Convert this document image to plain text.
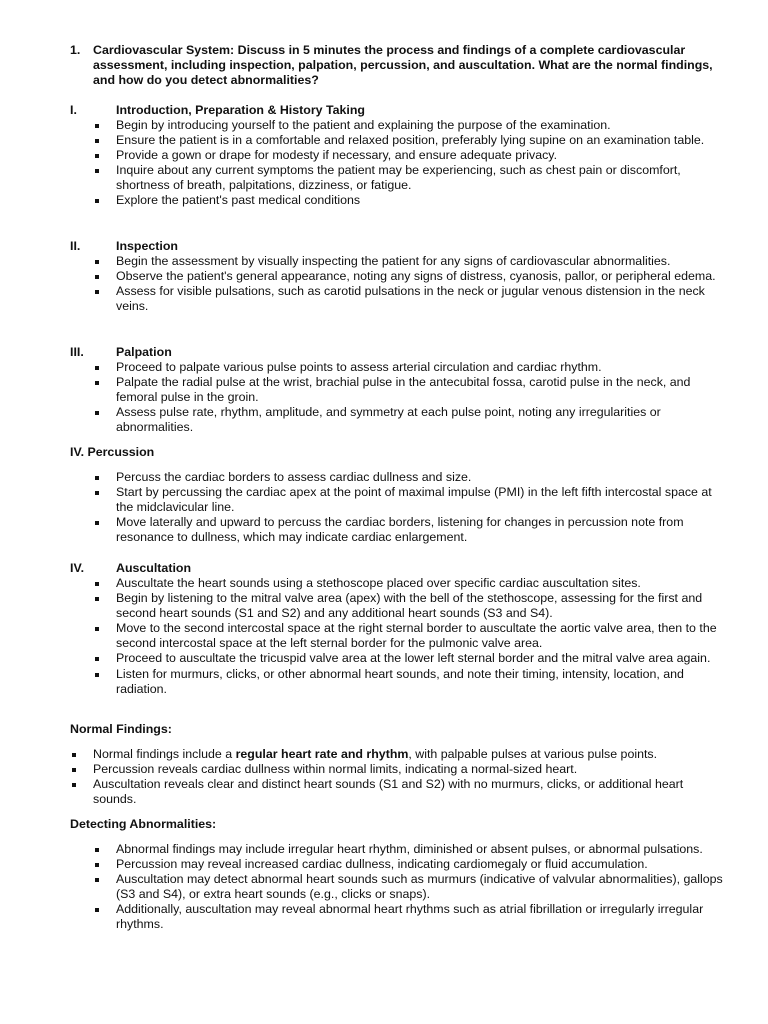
1. Cardiovascular System: Discuss in 5 minutes the process and findings of a complete cardiovascular assessment, including inspection, palpation, percussion, and auscultation. What are the normal findings, and how do you detect abnormalities?
I.	Introduction, Preparation & History Taking
Begin by introducing yourself to the patient and explaining the purpose of the examination.
Ensure the patient is in a comfortable and relaxed position, preferably lying supine on an examination table.
Provide a gown or drape for modesty if necessary, and ensure adequate privacy.
Inquire about any current symptoms the patient may be experiencing, such as chest pain or discomfort, shortness of breath, palpitations, dizziness, or fatigue.
Explore the patient's past medical conditions
II.	Inspection
Begin the assessment by visually inspecting the patient for any signs of cardiovascular abnormalities.
Observe the patient's general appearance, noting any signs of distress, cyanosis, pallor, or peripheral edema.
Assess for visible pulsations, such as carotid pulsations in the neck or jugular venous distension in the neck veins.
III.	Palpation
Proceed to palpate various pulse points to assess arterial circulation and cardiac rhythm.
Palpate the radial pulse at the wrist, brachial pulse in the antecubital fossa, carotid pulse in the neck, and femoral pulse in the groin.
Assess pulse rate, rhythm, amplitude, and symmetry at each pulse point, noting any irregularities or abnormalities.
IV. Percussion
Percuss the cardiac borders to assess cardiac dullness and size.
Start by percussing the cardiac apex at the point of maximal impulse (PMI) in the left fifth intercostal space at the midclavicular line.
Move laterally and upward to percuss the cardiac borders, listening for changes in percussion note from resonance to dullness, which may indicate cardiac enlargement.
IV.	Auscultation
Auscultate the heart sounds using a stethoscope placed over specific cardiac auscultation sites.
Begin by listening to the mitral valve area (apex) with the bell of the stethoscope, assessing for the first and second heart sounds (S1 and S2) and any additional heart sounds (S3 and S4).
Move to the second intercostal space at the right sternal border to auscultate the aortic valve area, then to the second intercostal space at the left sternal border for the pulmonic valve area.
Proceed to auscultate the tricuspid valve area at the lower left sternal border and the mitral valve area again.
Listen for murmurs, clicks, or other abnormal heart sounds, and note their timing, intensity, location, and radiation.
Normal Findings:
Normal findings include a regular heart rate and rhythm, with palpable pulses at various pulse points.
Percussion reveals cardiac dullness within normal limits, indicating a normal-sized heart.
Auscultation reveals clear and distinct heart sounds (S1 and S2) with no murmurs, clicks, or additional heart sounds.
Detecting Abnormalities:
Abnormal findings may include irregular heart rhythm, diminished or absent pulses, or abnormal pulsations.
Percussion may reveal increased cardiac dullness, indicating cardiomegaly or fluid accumulation.
Auscultation may detect abnormal heart sounds such as murmurs (indicative of valvular abnormalities), gallops (S3 and S4), or extra heart sounds (e.g., clicks or snaps).
Additionally, auscultation may reveal abnormal heart rhythms such as atrial fibrillation or irregularly irregular rhythms.
